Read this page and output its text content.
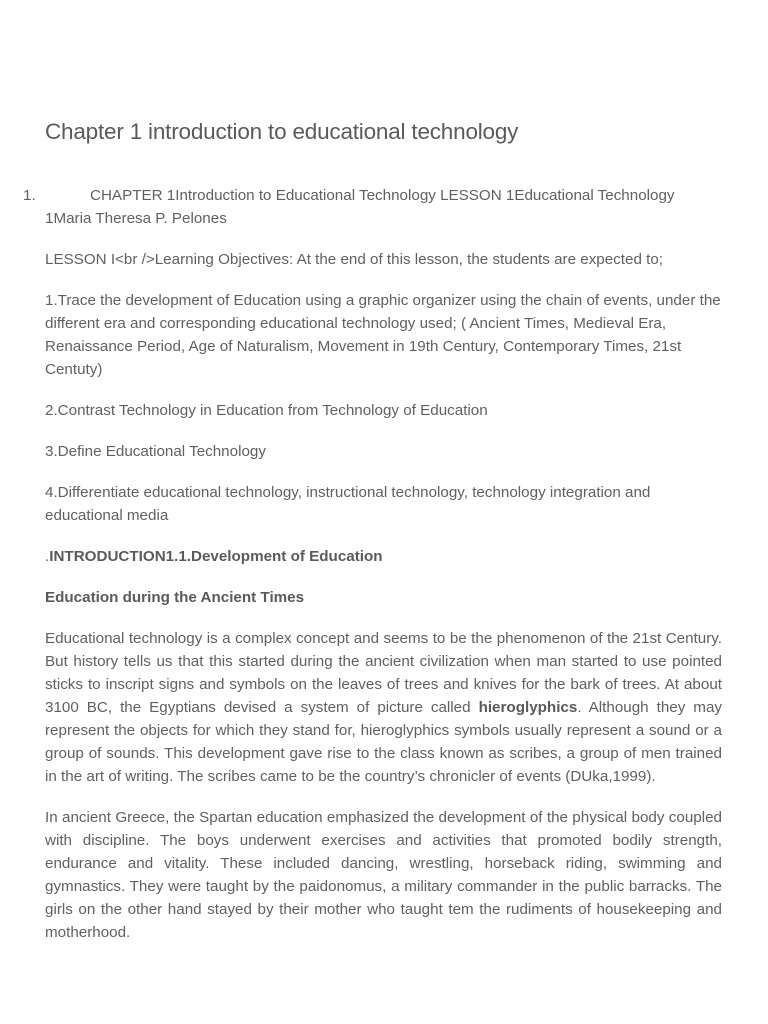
Chapter 1 introduction to educational technology

1.	CHAPTER 1Introduction to Educational Technology LESSON 1Educational Technology 1Maria Theresa P. Pelones

LESSON I<br />Learning Objectives: At the end of this lesson, the students are expected to;

1.Trace the development of Education using a graphic organizer using the chain of events, under the different era and corresponding educational technology used; ( Ancient Times, Medieval Era, Renaissance Period, Age of Naturalism, Movement in 19th Century, Contemporary Times, 21st Centuty)

2.Contrast Technology in Education from Technology of Education

3.Define Educational Technology

4.Differentiate educational technology, instructional technology, technology integration and educational media

.INTRODUCTION1.1.Development of Education

Education during the Ancient Times

Educational technology is a complex concept and seems to be the phenomenon of the 21st Century. But history tells us that this started during the ancient civilization when man started to use pointed sticks to inscript signs and symbols on the leaves of trees and knives for the bark of trees. At about 3100 BC, the Egyptians devised a system of picture called hieroglyphics. Although they may represent the objects for which they stand for, hieroglyphics symbols usually represent a sound or a group of sounds. This development gave rise to the class known as scribes, a group of men trained in the art of writing. The scribes came to be the country’s chronicler of events (DUka,1999).

In ancient Greece, the Spartan education emphasized the development of the physical body coupled with discipline. The boys underwent exercises and activities that promoted bodily strength, endurance and vitality. These included dancing, wrestling, horseback riding, swimming and gymnastics. They were taught by the paidonomus, a military commander in the public barracks. The girls on the other hand stayed by their mother who taught tem the rudiments of housekeeping and motherhood.
